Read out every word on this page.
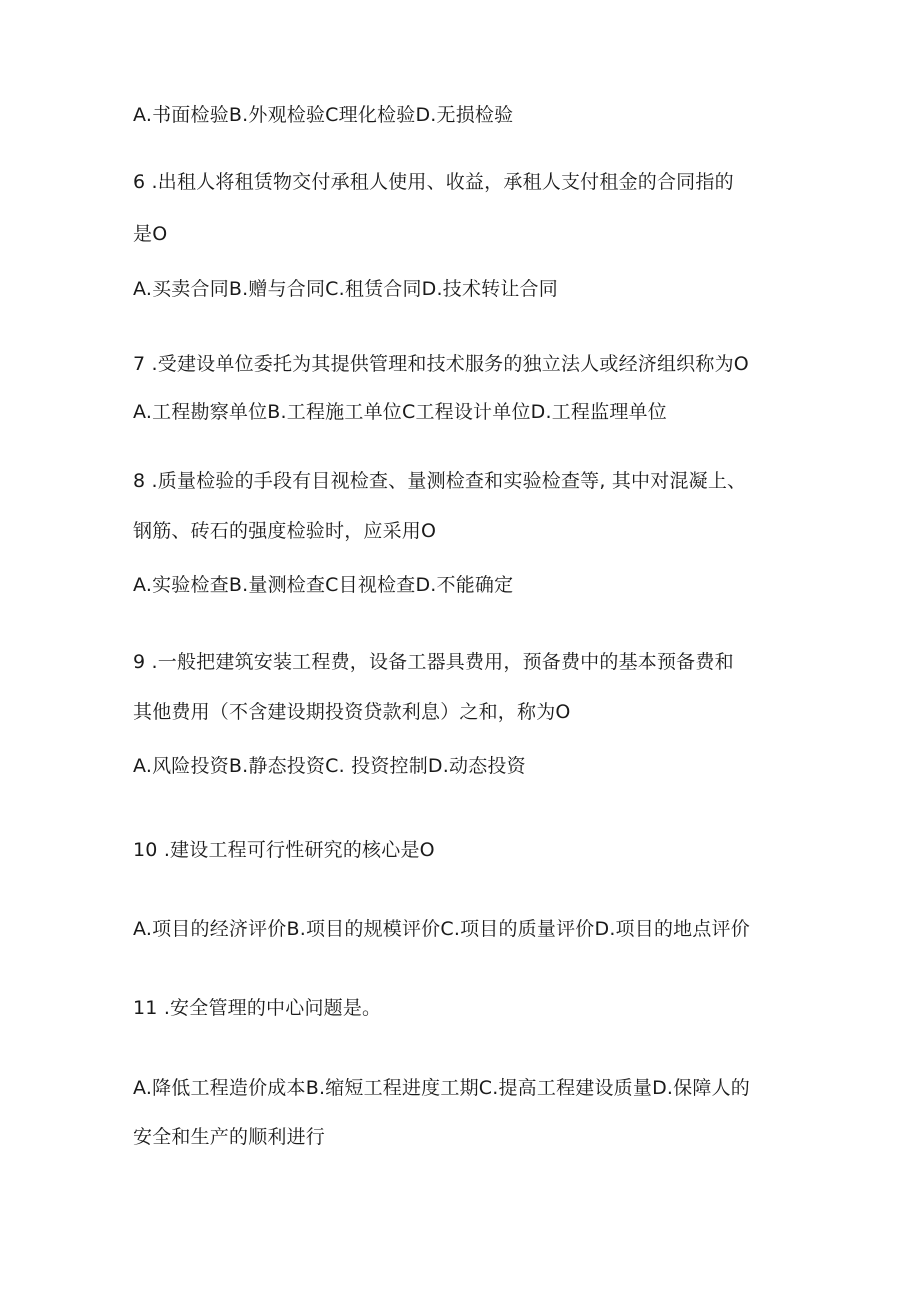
A.书面检验B.外观检验C理化检验D.无损检验
6 .出租人将租赁物交付承租人使用、收益，承租人支付租金的合同指的
是O
A.买卖合同B.赠与合同C.租赁合同D.技术转让合同
7 .受建设单位委托为其提供管理和技术服务的独立法人或经济组织称为O
A.工程勘察单位B.工程施工单位C工程设计单位D.工程监理单位
8 .质量检验的手段有目视检查、量测检查和实验检查等, 其中对混凝上、
钢筋、砖石的强度检验时，应采用O
A.实验检查B.量测检查C目视检查D.不能确定
9 .一般把建筑安装工程费，设备工器具费用，预备费中的基本预备费和
其他费用（不含建设期投资贷款利息）之和，称为O
A.风险投资B.静态投资C. 投资控制D.动态投资
10 .建设工程可行性研究的核心是O
A.项目的经济评价B.项目的规模评价C.项目的质量评价D.项目的地点评价
11 .安全管理的中心问题是。
A.降低工程造价成本B.缩短工程进度工期C.提高工程建设质量D.保障人的
安全和生产的顺利进行
